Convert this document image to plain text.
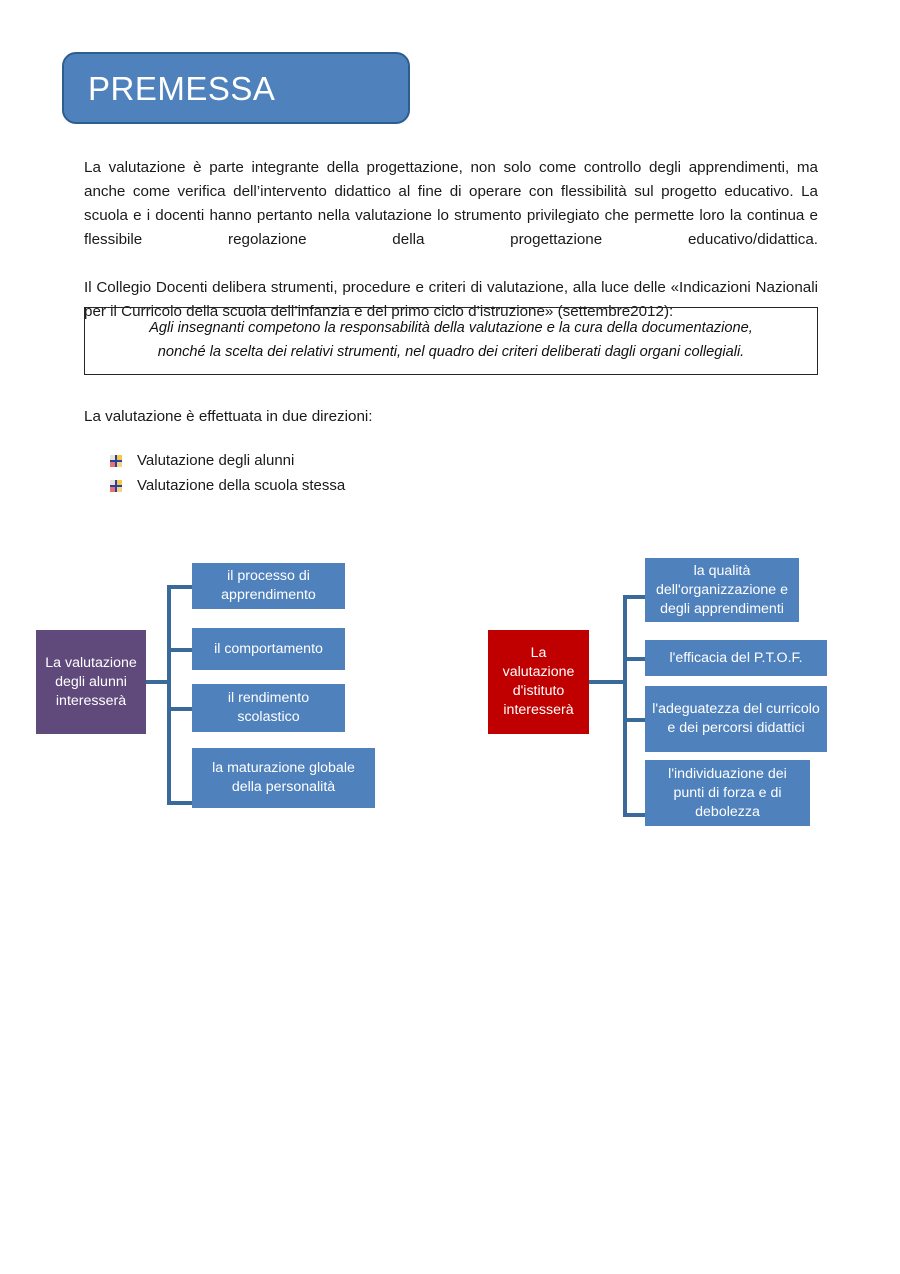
PREMESSA

La valutazione è parte integrante della progettazione, non solo come controllo degli apprendimenti, ma anche come verifica dell’intervento didattico al fine di operare con flessibilità sul progetto educativo. La scuola e i docenti hanno pertanto nella valutazione lo strumento privilegiato che permette loro la continua e flessibile regolazione della progettazione educativo/didattica.

Il Collegio Docenti delibera strumenti, procedure e criteri di valutazione, alla luce delle «Indicazioni Nazionali per il Curricolo della scuola dell’infanzia e del primo ciclo d’istruzione» (settembre2012):

Agli insegnanti competono la responsabilità della valutazione e la cura della documentazione,
nonché la scelta dei relativi strumenti, nel quadro dei criteri deliberati dagli organi collegiali.
La valutazione è effettuata in due direzioni:
Valutazione degli alunni
Valutazione della scuola stessa
La valutazione degli alunni interesserà
il processo di apprendimento
il comportamento
il rendimento scolastico
la maturazione globale della personalità
La valutazione d'istituto interesserà
la qualità dell'organizzazione e degli apprendimenti
l'efficacia del P.T.O.F.
l'adeguatezza del curricolo e dei percorsi didattici
l'individuazione dei punti di forza e di debolezza
